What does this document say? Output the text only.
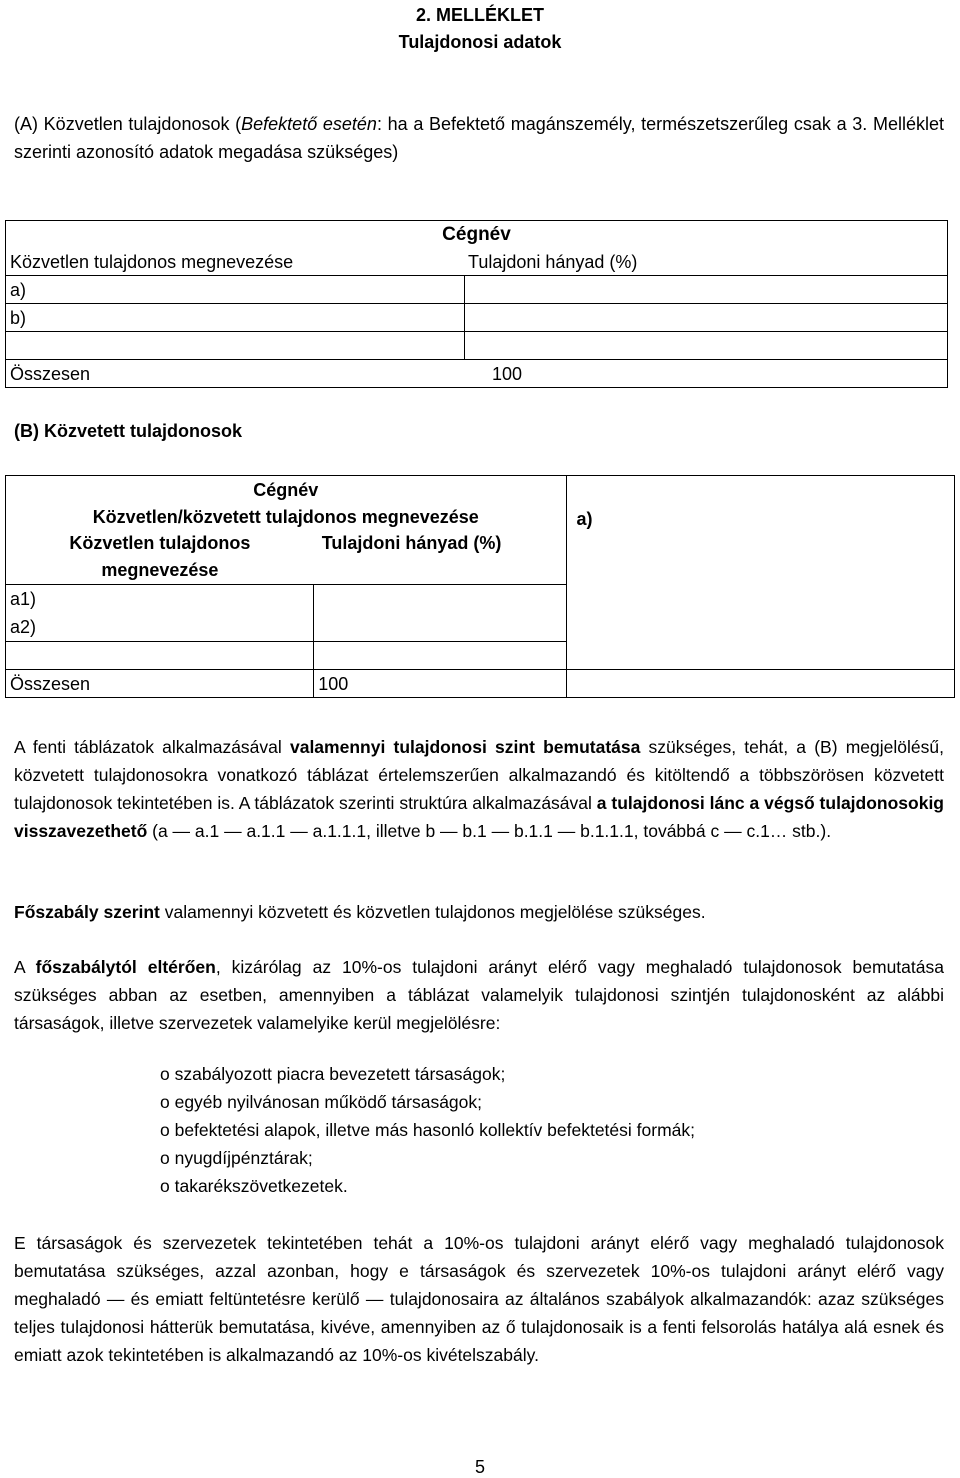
2. MELLÉKLET
Tulajdonosi adatok

(A) Közvetlen tulajdonosok (Befektető esetén: ha a Befektető magánszemély, természetszerűleg csak a 3. Melléklet szerinti azonosító adatok megadása szükséges)

Cégnév	
Közvetlen tulajdonos megnevezése	Tulajdoni hányad (%)
a)	
b)	

Összesen	100
(B) Közvetett tulajdonosok
Cégnév		a)
Közvetlen/közvetett tulajdonos megnevezése		
Közvetlen tulajdonos megnevezése	Tulajdoni hányad (%)	

a1)
a2)		

Összesen	100	

A fenti táblázatok alkalmazásával valamennyi tulajdonosi szint bemutatása szükséges, tehát, a (B) megjelölésű, közvetett tulajdonosokra vonatkozó táblázat értelemszerűen alkalmazandó és kitöltendő a többszörösen közvetett tulajdonosok tekintetében is. A táblázatok szerinti struktúra alkalmazásával a tulajdonosi lánc a végső tulajdonosokig visszavezethető (a — a.1 — a.1.1 — a.1.1.1, illetve b — b.1 — b.1.1 — b.1.1.1, továbbá c — c.1… stb.).

Főszabály szerint valamennyi közvetett és közvetlen tulajdonos megjelölése szükséges.

A főszabálytól eltérően, kizárólag az 10%-os tulajdoni arányt elérő vagy meghaladó tulajdonosok bemutatása szükséges abban az esetben, amennyiben a táblázat valamelyik tulajdonosi szintjén tulajdonosként az alábbi társaságok, illetve szervezetek valamelyike kerül megjelölésre:

o szabályozott piacra bevezetett társaságok;
o egyéb nyilvánosan működő társaságok;
o befektetési alapok, illetve más hasonló kollektív befektetési formák;
o nyugdíjpénztárak;
o takarékszövetkezetek.

E társaságok és szervezetek tekintetében tehát a 10%-os tulajdoni arányt elérő vagy meghaladó tulajdonosok bemutatása szükséges, azzal azonban, hogy e társaságok és szervezetek 10%-os tulajdoni arányt elérő vagy meghaladó — és emiatt feltüntetésre kerülő — tulajdonosaira az általános szabályok alkalmazandók: azaz szükséges teljes tulajdonosi hátterük bemutatása, kivéve, amennyiben az ő tulajdonosaik is a fenti felsorolás hatálya alá esnek és emiatt azok tekintetében is alkalmazandó az 10%-os kivételszabály.

5
